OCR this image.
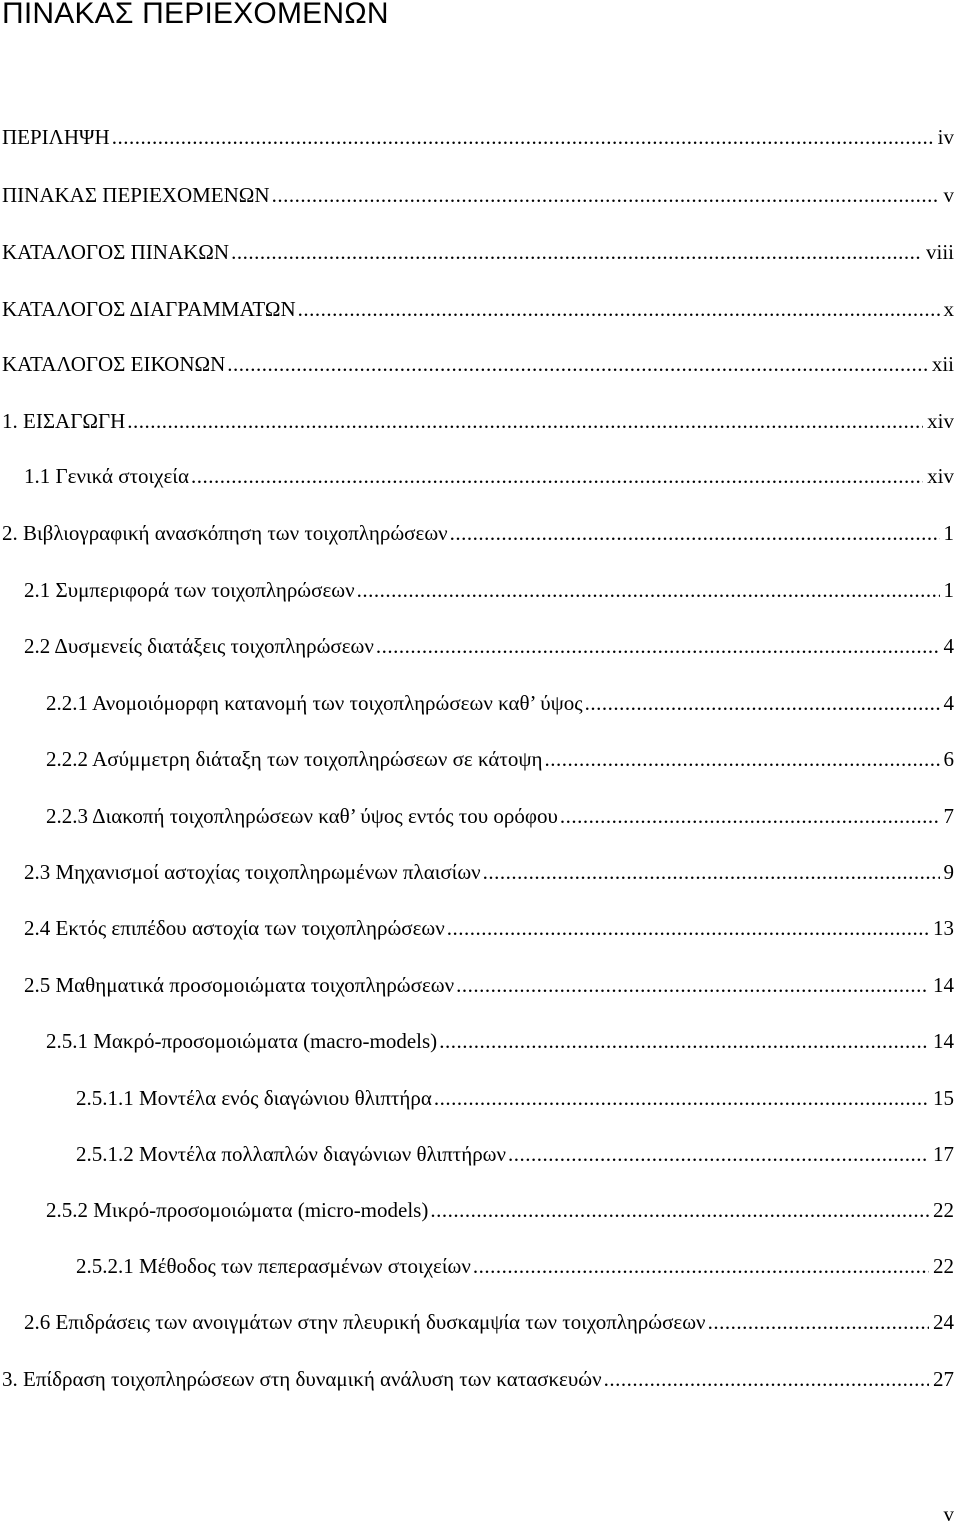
ΠΙΝΑΚΑΣ ΠΕΡΙΕΧΟΜΕΝΩΝ
ΠΕΡΙΛΗΨΗ .....	iv
ΠΙΝΑΚΑΣ ΠΕΡΙΕΧΟΜΕΝΩΝ .....	v
ΚΑΤΑΛΟΓΟΣ ΠΙΝΑΚΩΝ .....	viii
ΚΑΤΑΛΟΓΟΣ ΔΙΑΓΡΑΜΜΑΤΩΝ .....	x
ΚΑΤΑΛΟΓΟΣ ΕΙΚΟΝΩΝ .....	xii
1. ΕΙΣΑΓΩΓΗ .....	xiv
1.1 Γενικά στοιχεία .....	xiv
2. Βιβλιογραφική ανασκόπηση των τοιχοπληρώσεων .....	1
2.1 Συμπεριφορά των τοιχοπληρώσεων .....	1
2.2 Δυσμενείς διατάξεις τοιχοπληρώσεων .....	4
2.2.1 Ανομοιόμορφη κατανομή των τοιχοπληρώσεων καθ’ ύψος .....	4
2.2.2 Ασύμμετρη διάταξη των τοιχοπληρώσεων σε κάτοψη .....	6
2.2.3 Διακοπή τοιχοπληρώσεων καθ’ ύψος εντός του ορόφου .....	7
2.3 Μηχανισμοί αστοχίας τοιχοπληρωμένων πλαισίων .....	9
2.4 Εκτός επιπέδου αστοχία των τοιχοπληρώσεων .....	13
2.5 Μαθηματικά προσομοιώματα τοιχοπληρώσεων .....	14
2.5.1 Μακρό-προσομοιώματα (macro-models) .....	14
2.5.1.1 Μοντέλα ενός διαγώνιου θλιπτήρα .....	15
2.5.1.2 Μοντέλα πολλαπλών διαγώνιων θλιπτήρων .....	17
2.5.2 Μικρό-προσομοιώματα (micro-models) .....	22
2.5.2.1 Μέθοδος των πεπερασμένων στοιχείων .....	22
2.6 Επιδράσεις των ανοιγμάτων στην πλευρική δυσκαμψία των τοιχοπληρώσεων .....	24
3. Επίδραση τοιχοπληρώσεων στη δυναμική ανάλυση των κατασκευών .....	27
v
